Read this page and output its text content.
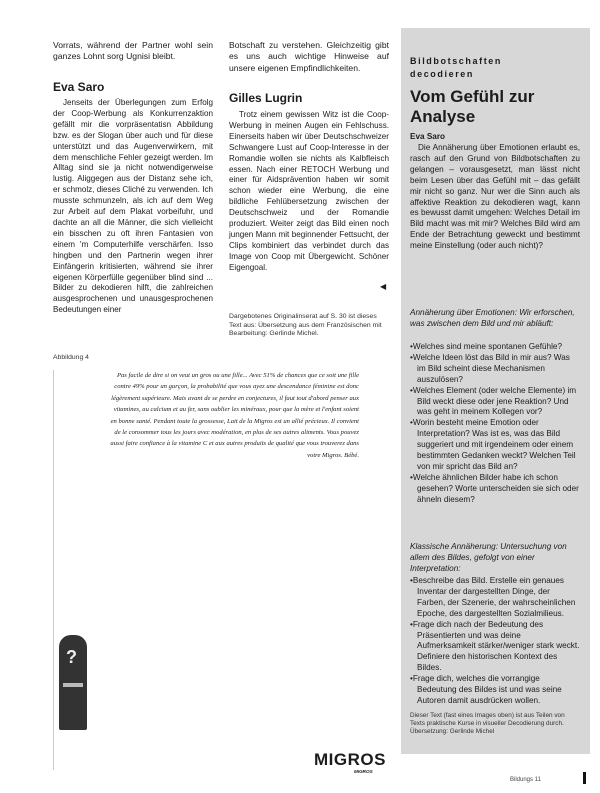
Vorrats, während der Partner wohl sein ganzes Lohnt sorg Ugnisi bleibt.

Eva Saro

Jenseits der Überlegungen zum Erfolg der Coop-Werbung als Konkurrenzaktion gefällt mir die vorpräsentatisn Abbildung bzw. es der Slogan über auch und für diese unterstützt und das Augenverwirkern, mit dem menschliche Fehler gezeigt werden. Im Alltag sind sie ja nicht notwendigerweise lustig. Aliggegen aus der Distanz sehe ich, er schmolz, dieses Cliché zu verwenden. Ich musste schmunzeln, als ich auf dem Weg zur Arbeit auf dem Plakat vorbeifuhr, und dachte an all die Männer, die sich vielleicht ein bisschen zu oft ihren Fantasien von einem 'm Computerhilfe verschärfen. Isso hingben und den Partnerin wegen ihrer Einfängerin kritisierten, während sie ihrer eigenen Körperfülle gegenüber blind sind ... Bilder zu dekodieren hilft, die zahlreichen ausgesprochenen und unausgesprochenen Bedeutungen einer

Botschaft zu verstehen. Gleichzeitig gibt es uns auch wichtige Hinweise auf unsere eigenen Empfindlichkeiten.

Gilles Lugrin

Trotz einem gewissen Witz ist die Coop-Werbung in meinen Augen ein Fehlschuss. Einerseits haben wir über Deutschschweizer Schwangere Lust auf Coop-Interesse in der Romandie wollen sie nichts als Kalbfleisch essen. Nach einer RETOCH Werbung und einer für Aidsprävention haben wir somit schon wieder eine Werbung, die eine bildliche Fehlübersetzung zwischen der Deutschschweiz und der Romandie produziert. Weiter zeigt das Bild einen noch jungen Mann mit beginnender Fettsucht, der Clips kombiniert das verbindet durch das Image von Coop mit Übergewicht. Schöner Eigengoal.

◀

Dargebotenes Originalinserat auf S. 30 ist dieses Text aus: Übersetzung aus dem Französischen mit Bearbeitung: Gerlinde Michel.

Abbildung 4

Pas facile de dire si on veut un gros ou une fille... Avec 51% de chances que ce soit une fille contre 49% pour un garçon, la probabilité que vous ayez une descendance féminine est donc légèrement supérieure. Mais avant de se perdre en conjectures, il faut tout d'abord penser aux vitamines, au calcium et au fer, sans oublier les minéraux, pour que la mère et l'enfant soient en bonne santé. Pendant toute la grossesse, Lait de la Migros est un allié précieux. Il convient de le consommer tous les jours avec modération, en plus de ses autres aliments. Vous pouvez aussi faire confiance à la vitamine C et aux autres produits de qualité que vous trouverez dans votre Migros. Bébé.

?
MIGROS
MIGROS
Bildbotschaften
decodieren
Vom Gefühl zur
Analyse

Eva Saro

Die Annäherung über Emotionen erlaubt es, rasch auf den Grund von Bildbotschaften zu gelangen – vorausgesetzt, man lässt nicht beim Lesen über das Gefühl mit – das gefällt mir nicht so ganz. Nur wer die Sinn auch als affektive Reaktion zu dekodieren wagt, kann es bewusst damit umgehen: Welches Detail im Bild macht was mit mir? Welches Bild wird am Ende der Betrachtung geweckt und bestimmt meine Einstellung (oder auch nicht)?

Annäherung über Emotionen: Wir erforschen, was zwischen dem Bild und mir abläuft:

• Welches sind meine spontanen Gefühle?
• Welche Ideen löst das Bild in mir aus? Was im Bild scheint diese Mechanismen auszulösen?
• Welches Element (oder welche Elemente) im Bild weckt diese oder jene Reaktion? Und was geht in meinem Kollegen vor?
• Worin besteht meine Emotion oder Interpretation? Was ist es, was das Bild suggeriert und mit irgendeinem oder einem bestimmten Gedanken weckt? Welchen Teil von mir spricht das Bild an?
• Welche ähnlichen Bilder habe ich schon gesehen? Worte unterscheiden sie sich oder ähneln diesem?

Klassische Annäherung: Untersuchung von allem des Bildes, gefolgt von einer Interpretation:

• Beschreibe das Bild. Erstelle ein genaues Inventar der dargestellten Dinge, der Farben, der Szenerie, der wahrscheinlichen Epoche, des dargestellten Sozialmilieus.
• Frage dich nach der Bedeutung des Präsentierten und was deine Aufmerksamkeit stärker/weniger stark weckt. Definiere den historischen Kontext des Bildes.
• Frage dich, welches die vorrangige Bedeutung des Bildes ist und was seine Autoren damit ausdrücken wollen.

Dieser Text (fast eines Images oben) ist aus Teilen von Texts praktische Kurse in visueller Decodierung durch. Übersetzung: Gerlinde Michel

Bildungs 11
